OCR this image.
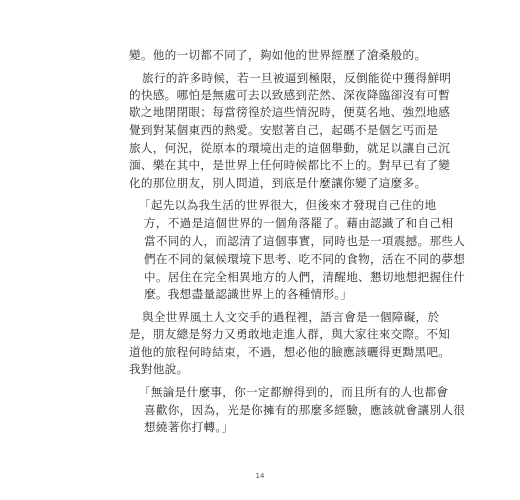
變。他的一切都不同了，夠如他的世界經歷了滄桑般的。
旅行的許多時候，若一旦被逼到極限，反倒能從中獲得鮮明
的快感。哪怕是無處可去以致感到茫然、深夜降臨卻沒有可暫
歇之地閉閉眼；每當徬徨於這些情況時，便莫名地、強烈地感
覺到對某個東西的熱愛。安慰著自己，起碼不是個乞丐而是
旅人，何況，從原本的環境出走的這個舉動，就足以讓自己沉
湎、樂在其中，是世界上任何時候都比不上的。對早已有了變
化的那位朋友，別人問道，到底是什麼讓你變了這麼多。
「起先以為我生活的世界很大，但後來才發現自己住的地
方，不過是這個世界的一個角落罷了。藉由認識了和自己相
當不同的人，而認清了這個事實，同時也是一項震撼。那些人
們在不同的氣候環境下思考、吃不同的食物，活在不同的夢想
中。居住在完全相異地方的人們，清醒地、懇切地想把握住什
麼。我想盡量認識世界上的各種情形。」
與全世界風土人文交手的過程裡，語言會是一個障礙，於
是，朋友總是努力又勇敢地走進人群，與大家往來交際。不知
道他的旅程何時結束，不過，想必他的臉應該曬得更黝黑吧。
我對他說。
「無論是什麼事，你一定都辦得到的，而且所有的人也都會
喜歡你，因為，光是你擁有的那麼多經驗，應該就會讓別人很
想繞著你打轉。」
14
